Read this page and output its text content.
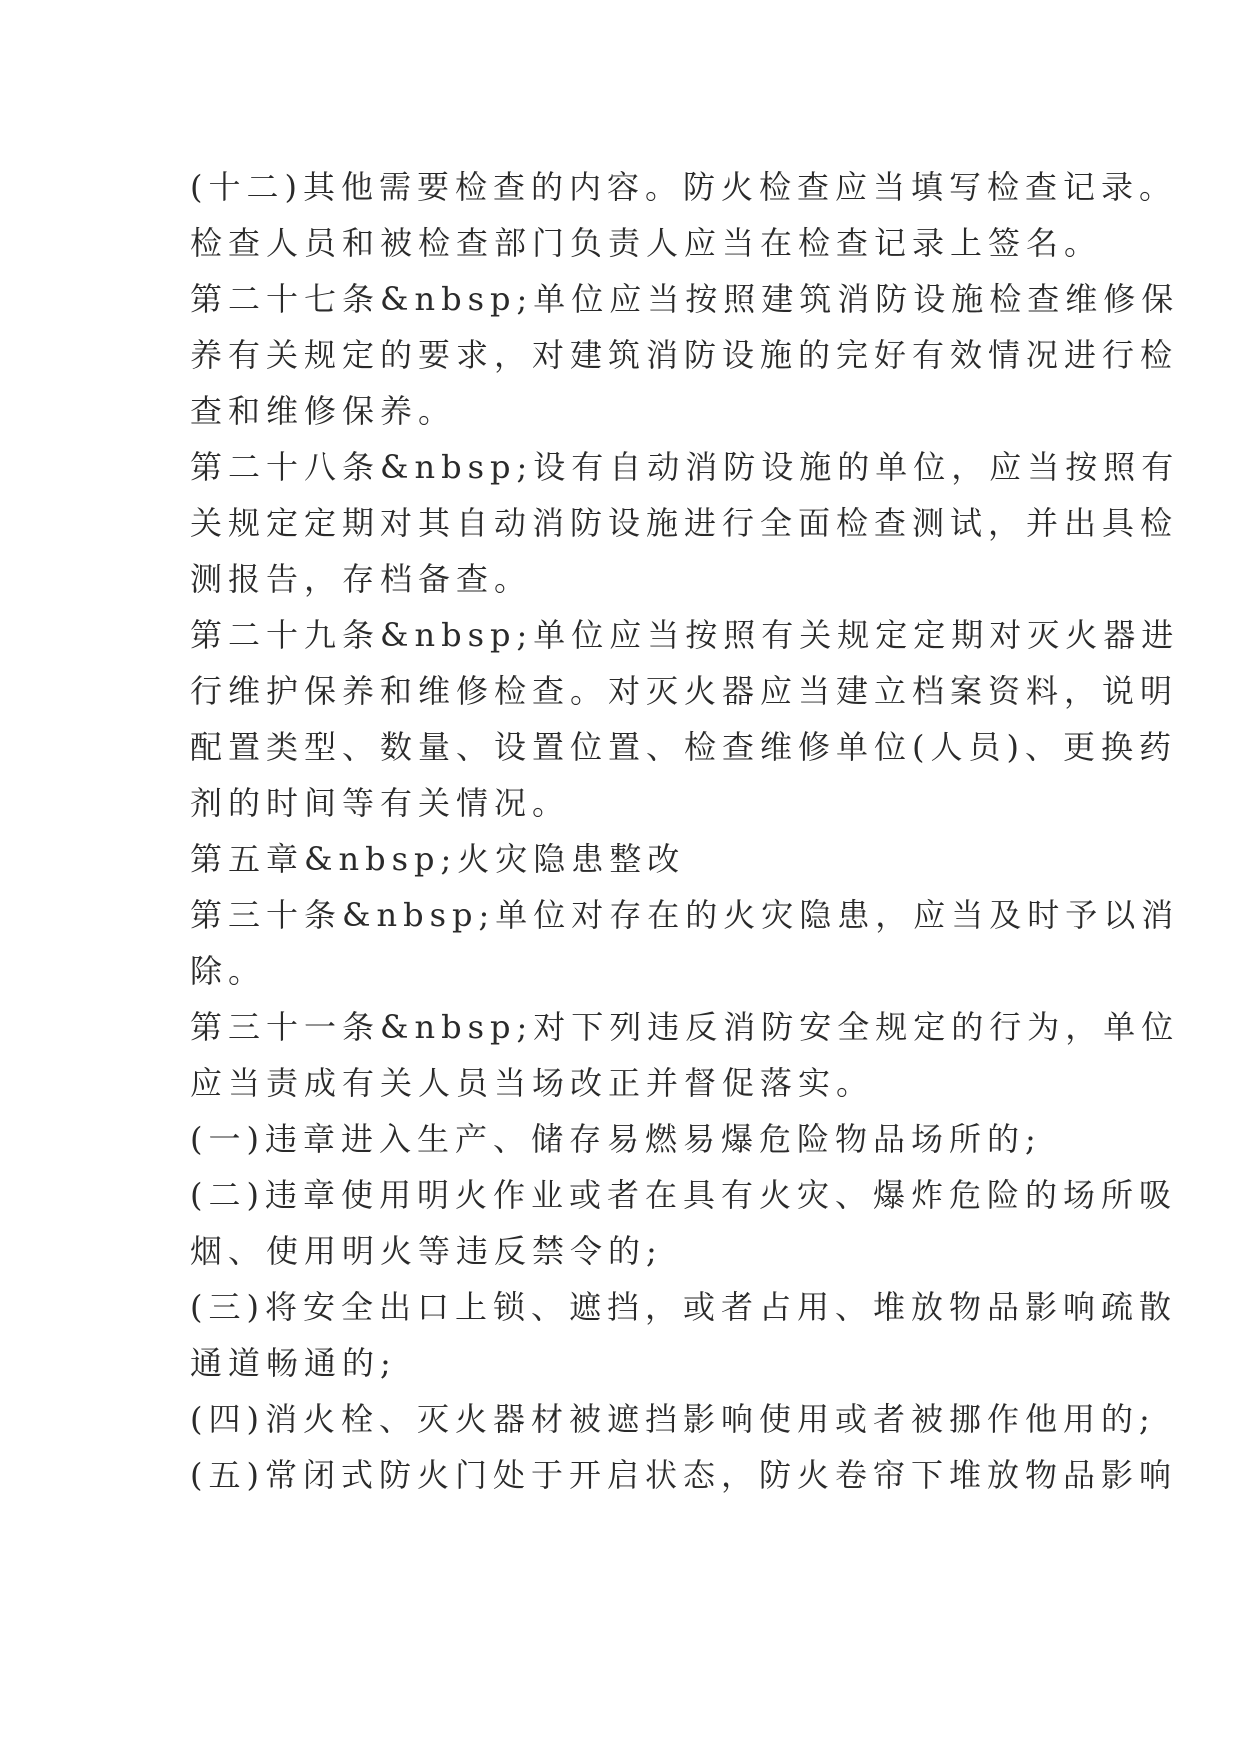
(十二)其他需要检查的内容。防火检查应当填写检查记录。
检查人员和被检查部门负责人应当在检查记录上签名。
第二十七条&nbsp;单位应当按照建筑消防设施检查维修保
养有关规定的要求，对建筑消防设施的完好有效情况进行检
查和维修保养。
第二十八条&nbsp;设有自动消防设施的单位，应当按照有
关规定定期对其自动消防设施进行全面检查测试，并出具检
测报告，存档备查。
第二十九条&nbsp;单位应当按照有关规定定期对灭火器进
行维护保养和维修检查。对灭火器应当建立档案资料，说明
配置类型、数量、设置位置、检查维修单位(人员)、更换药
剂的时间等有关情况。
第五章&nbsp;火灾隐患整改
第三十条&nbsp;单位对存在的火灾隐患，应当及时予以消
除。
第三十一条&nbsp;对下列违反消防安全规定的行为，单位
应当责成有关人员当场改正并督促落实。
(一)违章进入生产、储存易燃易爆危险物品场所的;
(二)违章使用明火作业或者在具有火灾、爆炸危险的场所吸
烟、使用明火等违反禁令的;
(三)将安全出口上锁、遮挡，或者占用、堆放物品影响疏散
通道畅通的;
(四)消火栓、灭火器材被遮挡影响使用或者被挪作他用的;
(五)常闭式防火门处于开启状态，防火卷帘下堆放物品影响
